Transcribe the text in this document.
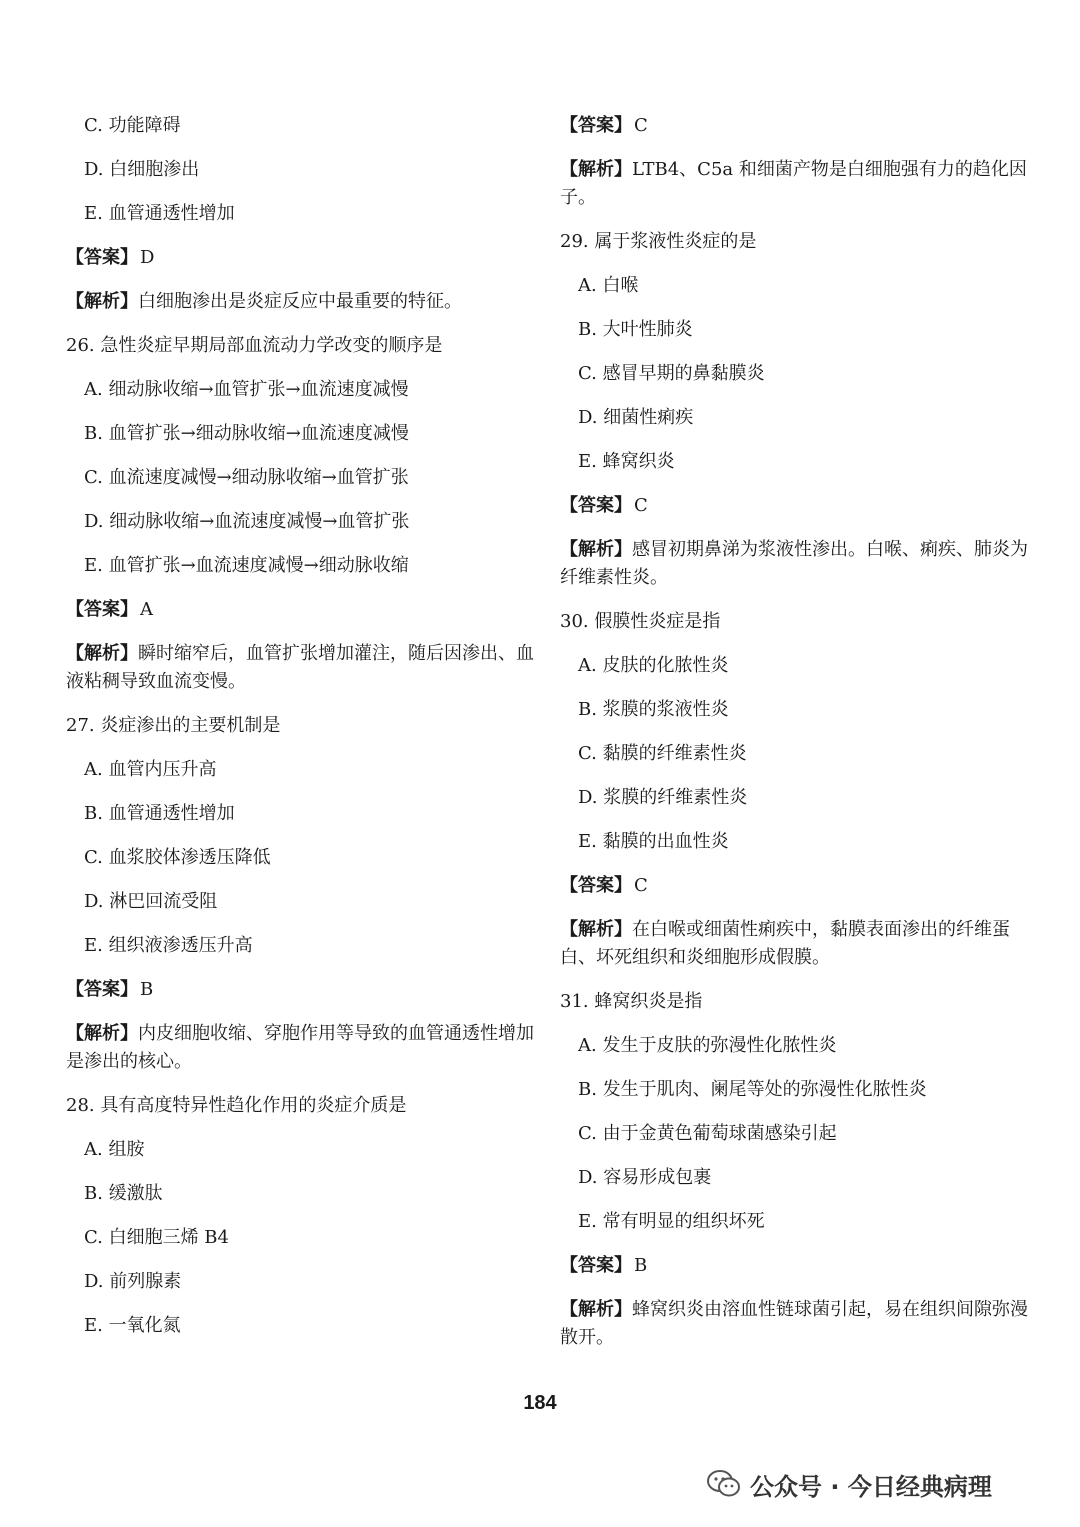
C. 功能障碍
D. 白细胞渗出
E. 血管通透性增加
【答案】 D
【解析】白细胞渗出是炎症反应中最重要的特征。
26. 急性炎症早期局部血流动力学改变的顺序是
A. 细动脉收缩→血管扩张→血流速度减慢
B. 血管扩张→细动脉收缩→血流速度减慢
C. 血流速度减慢→细动脉收缩→血管扩张
D. 细动脉收缩→血流速度减慢→血管扩张
E. 血管扩张→血流速度减慢→细动脉收缩
【答案】 A
【解析】瞬时缩窄后，血管扩张增加灌注，随后因渗出、血液粘稠导致血流变慢。
27. 炎症渗出的主要机制是
A. 血管内压升高
B. 血管通透性增加
C. 血浆胶体渗透压降低
D. 淋巴回流受阻
E. 组织液渗透压升高
【答案】 B
【解析】内皮细胞收缩、穿胞作用等导致的血管通透性增加是渗出的核心。
28. 具有高度特异性趋化作用的炎症介质是
A. 组胺
B. 缓激肽
C. 白细胞三烯 B4
D. 前列腺素
E. 一氧化氮
【答案】 C
【解析】LTB4、C5a 和细菌产物是白细胞强有力的趋化因子。
29. 属于浆液性炎症的是
A. 白喉
B. 大叶性肺炎
C. 感冒早期的鼻黏膜炎
D. 细菌性痢疾
E. 蜂窝织炎
【答案】 C
【解析】感冒初期鼻涕为浆液性渗出。白喉、痢疾、肺炎为纤维素性炎。
30. 假膜性炎症是指
A. 皮肤的化脓性炎
B. 浆膜的浆液性炎
C. 黏膜的纤维素性炎
D. 浆膜的纤维素性炎
E. 黏膜的出血性炎
【答案】 C
【解析】在白喉或细菌性痢疾中，黏膜表面渗出的纤维蛋白、坏死组织和炎细胞形成假膜。
31. 蜂窝织炎是指
A. 发生于皮肤的弥漫性化脓性炎
B. 发生于肌肉、阑尾等处的弥漫性化脓性炎
C. 由于金黄色葡萄球菌感染引起
D. 容易形成包裹
E. 常有明显的组织坏死
【答案】 B
【解析】蜂窝织炎由溶血性链球菌引起，易在组织间隙弥漫散开。
184
公众号 · 今日经典病理
